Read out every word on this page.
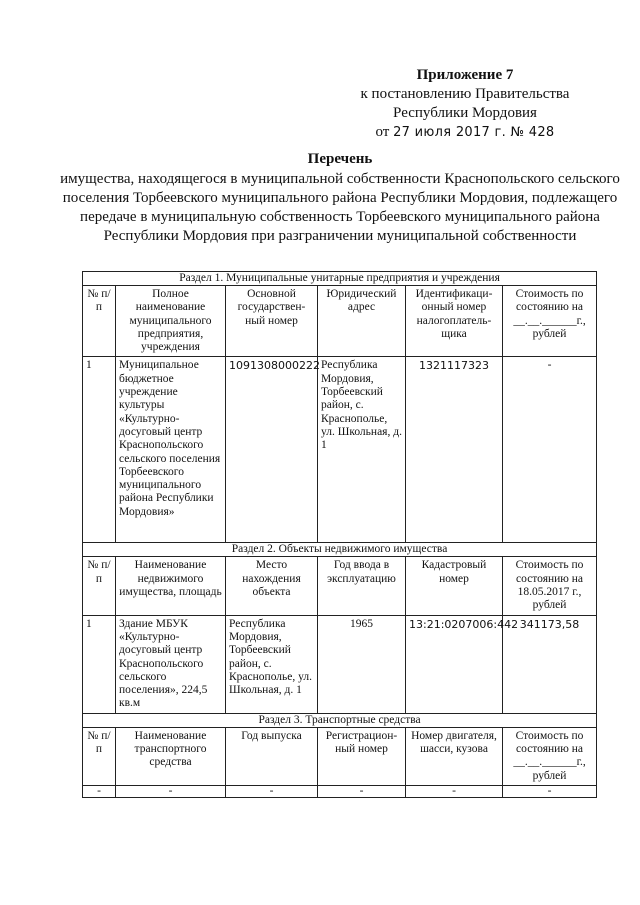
Приложение 7
к постановлению Правительства
Республики Мордовия
от 27 июля 2017 г. № 428
Перечень
имущества, находящегося в муниципальной собственности Краснопольского сельского поселения Торбеевского муниципального района Республики Мордовия, подлежащего передаче в муниципальную собственность Торбеевского муниципального района Республики Мордовия при разграничении муниципальной собственности
Раздел 1. Муниципальные унитарные предприятия и учреждения					
№ п/п	Полное наименование муниципального предприятия, учреждения	Основной государствен-ный номер	Юридический адрес	Идентификаци-онный номер налогоплатель-щика	Стоимость по состоянию на __.__.______г., рублей
1	Муниципальное бюджетное учреждение культуры «Культурно-досуговый центр Краснопольского сельского поселения Торбеевского муниципального района Республики Мордовия»	1091308000222	Республика Мордовия, Торбеевский район, с. Краснополье, ул. Школьная, д. 1	1321117323	-
Раздел 2. Объекты недвижимого имущества					
№ п/п	Наименование недвижимого имущества, площадь	Место нахождения объекта	Год ввода в эксплуатацию	Кадастровый номер	Стоимость по состоянию на 18.05.2017 г., рублей
1	Здание МБУК «Культурно-досуговый центр Краснопольского сельского поселения», 224,5 кв.м	Республика Мордовия, Торбеевский район, с. Краснополье, ул. Школьная, д. 1	1965	13:21:0207006:442	341173,58
Раздел 3. Транспортные средства					
№ п/п	Наименование транспортного средства	Год выпуска	Регистрацион-ный номер	Номер двигателя, шасси, кузова	Стоимость по состоянию на __.__.______г., рублей
-	-	-	-	-	-
